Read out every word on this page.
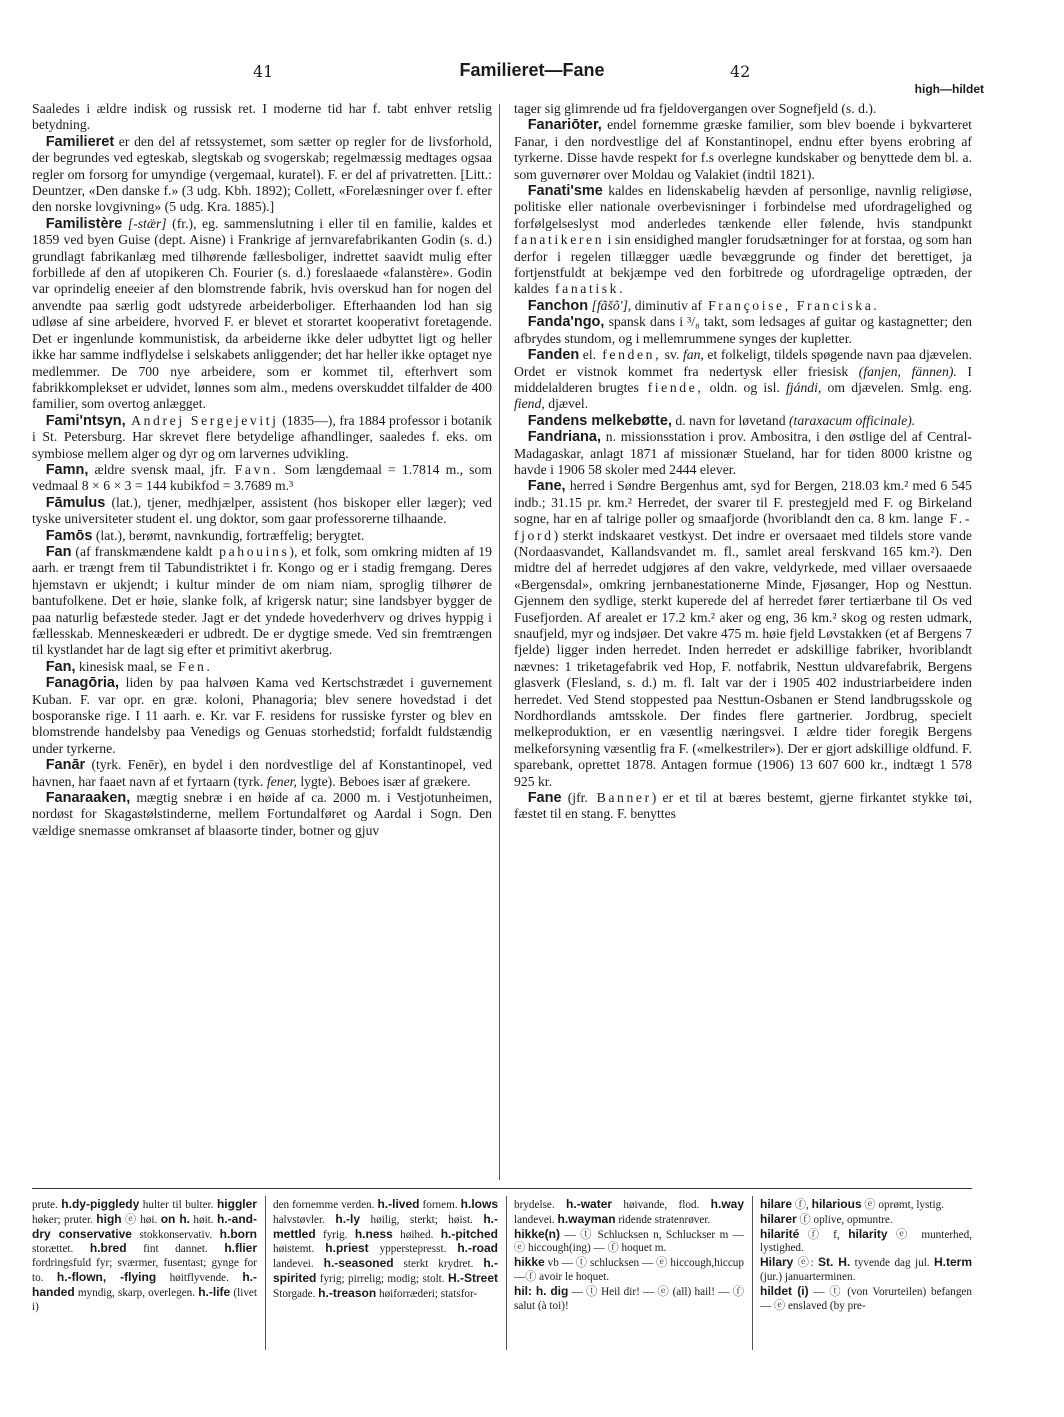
41	Familieret—Fane	42
high—hildet

Saaledes i ældre indisk og russisk ret. I moderne tid har f. tabt enhver retslig betydning.

 Familieret er den del af retssystemet, som sætter op regler for de livsforhold, der begrundes ved egteskab, slegtskab og svogerskab; regelmæssig medtages ogsaa regler om forsorg for umyndige (vergemaal, kuratel). F. er del af privatretten. [Litt.: Deuntzer, «Den danske f.» (3 udg. Kbh. 1892); Collett, «Forelæsninger over f. efter den norske lovgivning» (5 udg. Kra. 1885).]

 Familistère [-stæ̈r] (fr.), eg. sammenslutning i eller til en familie, kaldes et 1859 ved byen Guise (dept. Aisne) i Frankrige af jernvarefabrikanten Godin (s. d.) grundlagt fabrikanlæg med tilhørende fællesboliger, indrettet saavidt mulig efter forbillede af den af utopikeren Ch. Fourier (s. d.) foreslaaede «falanstère». Godin var oprindelig eneeier af den blomstrende fabrik, hvis overskud han for nogen del anvendte paa særlig godt udstyrede arbeiderboliger. Efterhaanden lod han sig udløse af sine arbeidere, hvorved F. er blevet et storartet kooperativt foretagende. Det er ingenlunde kommunistisk, da arbeiderne ikke deler udbyttet ligt og heller ikke har samme indflydelse i selskabets anliggender; det har heller ikke optaget nye medlemmer. De 700 nye arbeidere, som er kommet til, efterhvert som fabrikkomplekset er udvidet, lønnes som alm., medens overskuddet tilfalder de 400 familier, som overtog anlægget.

 Fami'ntsyn, Andrej Sergejevitj (1835—), fra 1884 professor i botanik i St. Petersburg. Har skrevet flere betydelige afhandlinger, saaledes f. eks. om symbiose mellem alger og dyr og om larvernes udvikling.

 Famn, ældre svensk maal, jfr. Favn. Som længdemaal = 1.7814 m., som vedmaal 8 × 6 × 3 = 144 kubikfod = 3.7689 m.³

 Fāmulus (lat.), tjener, medhjælper, assistent (hos biskoper eller læger); ved tyske universiteter student el. ung doktor, som gaar professorerne tilhaande.

 Famōs (lat.), berømt, navnkundig, fortræffelig; berygtet.

 Fan (af franskmændene kaldt pahouins), et folk, som omkring midten af 19 aarh. er trængt frem til Tabundistriktet i fr. Kongo og er i stadig fremgang. Deres hjemstavn er ukjendt; i kultur minder de om niam niam, sproglig tilhører de bantufolkene. Det er høie, slanke folk, af krigersk natur; sine landsbyer bygger de paa naturlig befæstede steder. Jagt er det yndede hovederhverv og drives hyppig i fællesskab. Menneskeæderi er udbredt. De er dygtige smede. Ved sin fremtrængen til kystlandet har de lagt sig efter et primitivt akerbrug.

 Fan, kinesisk maal, se Fen.

 Fanagōria, liden by paa halvøen Kama ved Kertschstrædet i guvernement Kuban. F. var opr. en græ. koloni, Phanagoria; blev senere hovedstad i det bosporanske rige. I 11 aarh. e. Kr. var F. residens for russiske fyrster og blev en blomstrende handelsby paa Venedigs og Genuas storhedstid; forfaldt fuldstændig under tyrkerne.

 Fanār (tyrk. Fenēr), en bydel i den nordvestlige del af Konstantinopel, ved havnen, har faaet navn af et fyrtaarn (tyrk. fener, lygte). Beboes især af grækere.

 Fanaraaken, mægtig snebræ i en høide af ca. 2000 m. i Vestjotunheimen, nordøst for Skagastølstinderne, mellem Fortundalføret og Aardal i Sogn. Den vældige snemasse omkranset af blaasorte tinder, botner og gjuv

tager sig glimrende ud fra fjeldovergangen over Sognefjeld (s. d.).

 Fanariōter, endel fornemme græske familier, som blev boende i bykvarteret Fanar, i den nordvestlige del af Konstantinopel, endnu efter byens erobring af tyrkerne. Disse havde respekt for f.s overlegne kundskaber og benyttede dem bl. a. som guvernører over Moldau og Valakiet (indtil 1821).

 Fanati'sme kaldes en lidenskabelig hævden af personlige, navnlig religiøse, politiske eller nationale overbevisninger i forbindelse med ufordragelighed og forfølgelseslyst mod anderledes tænkende eller følende, hvis standpunkt fanatikeren i sin ensidighed mangler forudsætninger for at forstaa, og som han derfor i regelen tillægger uædle bevæggrunde og finder det berettiget, ja fortjenstfuldt at bekjæmpe ved den forbitrede og ufordragelige optræden, der kaldes fanatisk.

 Fanchon [fãšõ'], diminutiv af Françoise, Franciska.

 Fanda'ngo, spansk dans i ³/₈ takt, som ledsages af guitar og kastagnetter; den afbrydes stundom, og i mellemrummene synges der kupletter.

 Fanden el. fenden, sv. fan, et folkeligt, tildels spøgende navn paa djævelen. Ordet er vistnok kommet fra nedertysk eller friesisk (fanjen, fännen). I middelalderen brugtes fiende, oldn. og isl. fjándi, om djævelen. Smlg. eng. fiend, djævel.

 Fandens melkebøtte, d. navn for løvetand (taraxacum officinale).

 Fandriana, n. missionsstation i prov. Ambositra, i den østlige del af Central-Madagaskar, anlagt 1871 af missionær Stueland, har for tiden 8000 kristne og havde i 1906 58 skoler med 2444 elever.

 Fane, herred i Søndre Bergenhus amt, syd for Bergen, 218.03 km.² med 6 545 indb.; 31.15 pr. km.² Herredet, der svarer til F. prestegjeld med F. og Birkeland sogne, har en af talrige poller og smaafjorde (hvoriblandt den ca. 8 km. lange F.-fjord) sterkt indskaaret vestkyst. Det indre er oversaaet med tildels store vande (Nordaasvandet, Kallandsvandet m. fl., samlet areal ferskvand 165 km.²). Den midtre del af herredet udgjøres af den vakre, veldyrkede, med villaer oversaaede «Bergensdal», omkring jernbanestationerne Minde, Fjøsanger, Hop og Nesttun. Gjennem den sydlige, sterkt kuperede del af herredet fører tertiærbane til Os ved Fusefjorden. Af arealet er 17.2 km.² aker og eng, 36 km.² skog og resten udmark, snaufjeld, myr og indsjøer. Det vakre 475 m. høie fjeld Løvstakken (et af Bergens 7 fjelde) ligger inden herredet. Inden herredet er adskillige fabriker, hvoriblandt nævnes: 1 triketagefabrik ved Hop, F. notfabrik, Nesttun uldvarefabrik, Bergens glasverk (Flesland, s. d.) m. fl. Ialt var der i 1905 402 industriarbeidere inden herredet. Ved Stend stoppested paa Nesttun-Osbanen er Stend landbrugsskole og Nordhordlands amtsskole. Der findes flere gartnerier. Jordbrug, specielt melkeproduktion, er en væsentlig næringsvei. I ældre tider foregik Bergens melkeforsyning væsentlig fra F. («melkestriler»). Der er gjort adskillige oldfund. F. sparebank, oprettet 1878. Antagen formue (1906) 13 607 600 kr., indtægt 1 578 925 kr.

 Fane (jfr. Banner) er et til at bæres bestemt, gjerne firkantet stykke tøi, fæstet til en stang. F. benyttes

prute. h.dy-piggledy hulter til bulter. higgler høker; pruter. high ⓔ høi. on h. høit. h.-and-dry conservative stokkonservativ. h.born storættet. h.bred fint dannet. h.flier fordringsfuld fyr; sværmer, fusentast; gynge for to. h.-flown, -flying høitflyvende. h.-handed myndig, skarp, overlegen. h.-life (livet i)

den fornemme verden. h.-lived fornem. h.lows halvstøvler. h.-ly høilig, sterkt; høist. h.-mettled fyrig. h.ness høihed. h.-pitched høistemt. h.priest ypperstepresst. h.-road landevei. h.-seasoned sterkt krydret. h.-spirited fyrig; pirrelig; modig; stolt. H.-Street Storgade. h.-treason høiforræderi; statsfor-

brydelse. h.-water høivande, flod. h.way landevei. h.wayman ridende stratenrøver.
hikke(n) — ⓣ Schlucksen n, Schluckser m — ⓔ hiccough(ing) — ⓕ hoquet m.
hikke vb — ⓣ schlucksen — ⓔ hiccough,hiccup —ⓕ avoir le hoquet.
hil: h. dig — ⓣ Heil dir! — ⓔ (all) hail! — ⓕ salut (à toi)!

hilare ⓕ, hilarious ⓔ oprømt, lystig.
hilarer ⓕ oplive, opmuntre.
hilarité ⓕ f, hilarity ⓔ munterhed, lystighed.
Hilary ⓔ: St. H. tyvende dag jul. H.term (jur.) januarterminen.
hildet (i) — ⓣ (von Vorurteilen) befangen — ⓔ enslaved (by pre-
